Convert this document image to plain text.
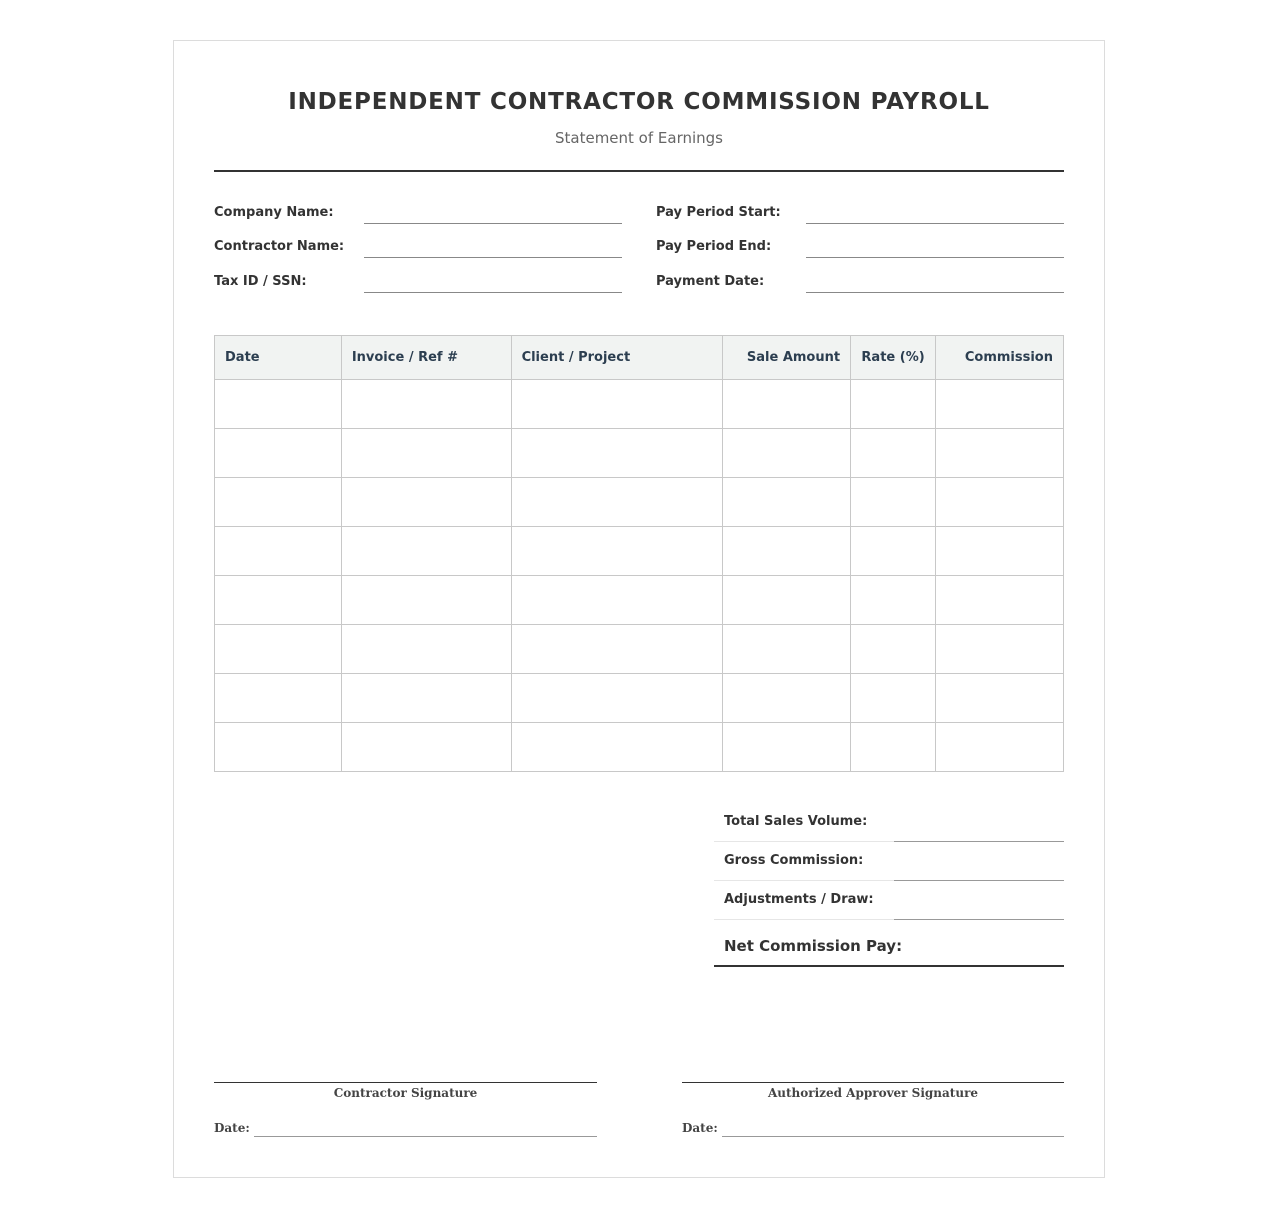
INDEPENDENT CONTRACTOR COMMISSION PAYROLL
Statement of Earnings
Company Name:
Contractor Name:
Tax ID / SSN:
Pay Period Start:
Pay Period End:
Payment Date:
Date	Invoice / Ref #	Client / Project	Sale Amount	Rate (%)	Commission

Total Sales Volume:
Gross Commission:
Adjustments / Draw:
Net Commission Pay:
Contractor Signature
Date:
Authorized Approver Signature
Date:
